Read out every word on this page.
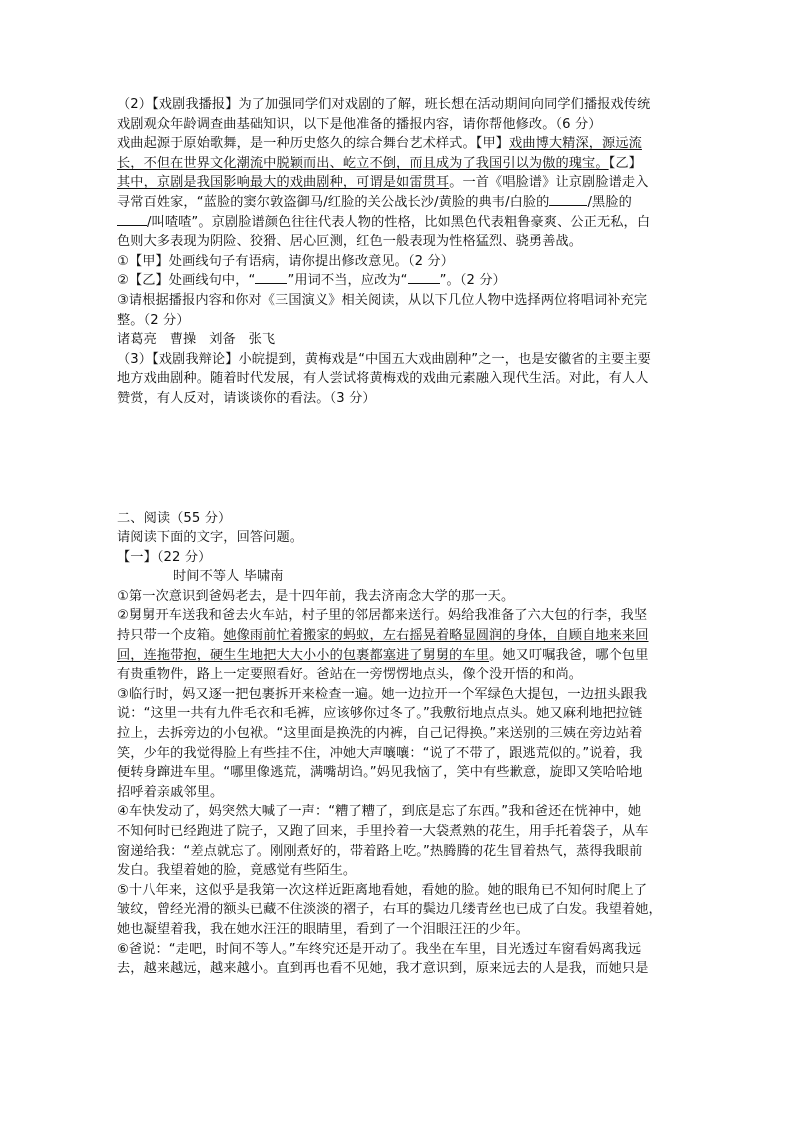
（2）【戏剧我播报】为了加强同学们对戏剧的了解，班长想在活动期间向同学们播报戏传统
戏剧观众年龄调查曲基础知识，以下是他准备的播报内容，请你帮他修改。（6 分）
戏曲起源于原始歌舞，是一种历史悠久的综合舞台艺术样式。【甲】戏曲博大精深，源远流
长，不但在世界文化潮流中脱颖而出、屹立不倒，而且成为了我国引以为傲的瑰宝。【乙】
其中，京剧是我国影响最大的戏曲剧种，可谓是如雷贯耳。一首《唱脸谱》让京剧脸谱走入
寻常百姓家，“蓝脸的窦尔敦盗御马/红脸的关公战长沙/黄脸的典韦/白脸的	/黑脸的
/叫喳喳”。京剧脸谱颜色往往代表人物的性格，比如黑色代表粗鲁豪爽、公正无私，白
色则大多表现为阴险、狡猾、居心叵测，红色一般表现为性格猛烈、骁勇善战。
①【甲】处画线句子有语病，请你提出修改意见。（2 分）
②【乙】处画线句中，“ ”用词不当，应改为“ ”。（2 分）
③请根据播报内容和你对《三国演义》相关阅读，从以下几位人物中选择两位将唱词补充完
整。（2 分）
诸葛亮   曹操   刘备   张飞
（3）【戏剧我辩论】小皖提到，黄梅戏是“中国五大戏曲剧种”之一，也是安徽省的主要主要
地方戏曲剧种。随着时代发展，有人尝试将黄梅戏的戏曲元素融入现代生活。对此，有人人
赞赏，有人反对，请谈谈你的看法。（3 分）
二、阅读（55 分）
请阅读下面的文字，回答问题。
【一】（22 分）
时间不等人 毕啸南
①第一次意识到爸妈老去，是十四年前，我去济南念大学的那一天。
②舅舅开车送我和爸去火车站，村子里的邻居都来送行。妈给我准备了六大包的行李，我坚
持只带一个皮箱。她像雨前忙着搬家的蚂蚁，左右摇晃着略显圆润的身体，自顾自地来来回
回，连拖带抱，硬生生地把大大小小的包裹都塞进了舅舅的车里。她又叮嘱我爸，哪个包里
有贵重物件，路上一定要照看好。爸站在一旁愣愣地点头，像个没开悟的和尚。
③临行时，妈又逐一把包裹拆开来检查一遍。她一边拉开一个军绿色大提包，一边扭头跟我
说：“这里一共有九件毛衣和毛裤，应该够你过冬了。”我敷衍地点点头。她又麻利地把拉链
拉上，去拆旁边的小包袱。“这里面是换洗的内裤，自己记得换。”来送别的三姨在旁边站着
笑，少年的我觉得脸上有些挂不住，冲她大声嚷嚷：“说了不带了，跟逃荒似的。”说着，我
便转身蹿进车里。“哪里像逃荒，满嘴胡诌。”妈见我恼了，笑中有些歉意，旋即又笑哈哈地
招呼着亲戚邻里。
④车快发动了，妈突然大喊了一声：“糟了糟了，到底是忘了东西。”我和爸还在恍神中，她
不知何时已经跑进了院子，又跑了回来，手里拎着一大袋煮熟的花生，用手托着袋子，从车
窗递给我：“差点就忘了。刚刚煮好的，带着路上吃。”热腾腾的花生冒着热气，蒸得我眼前
发白。我望着她的脸，竟感觉有些陌生。
⑤十八年来，这似乎是我第一次这样近距离地看她，看她的脸。她的眼角已不知何时爬上了
皱纹，曾经光滑的额头已藏不住淡淡的褶子，右耳的鬓边几缕青丝也已成了白发。我望着她，
她也凝望着我，我在她水汪汪的眼睛里，看到了一个泪眼汪汪的少年。
⑥爸说：“走吧，时间不等人。”车终究还是开动了。我坐在车里，目光透过车窗看妈离我远
去，越来越远，越来越小。直到再也看不见她，我才意识到，原来远去的人是我，而她只是
